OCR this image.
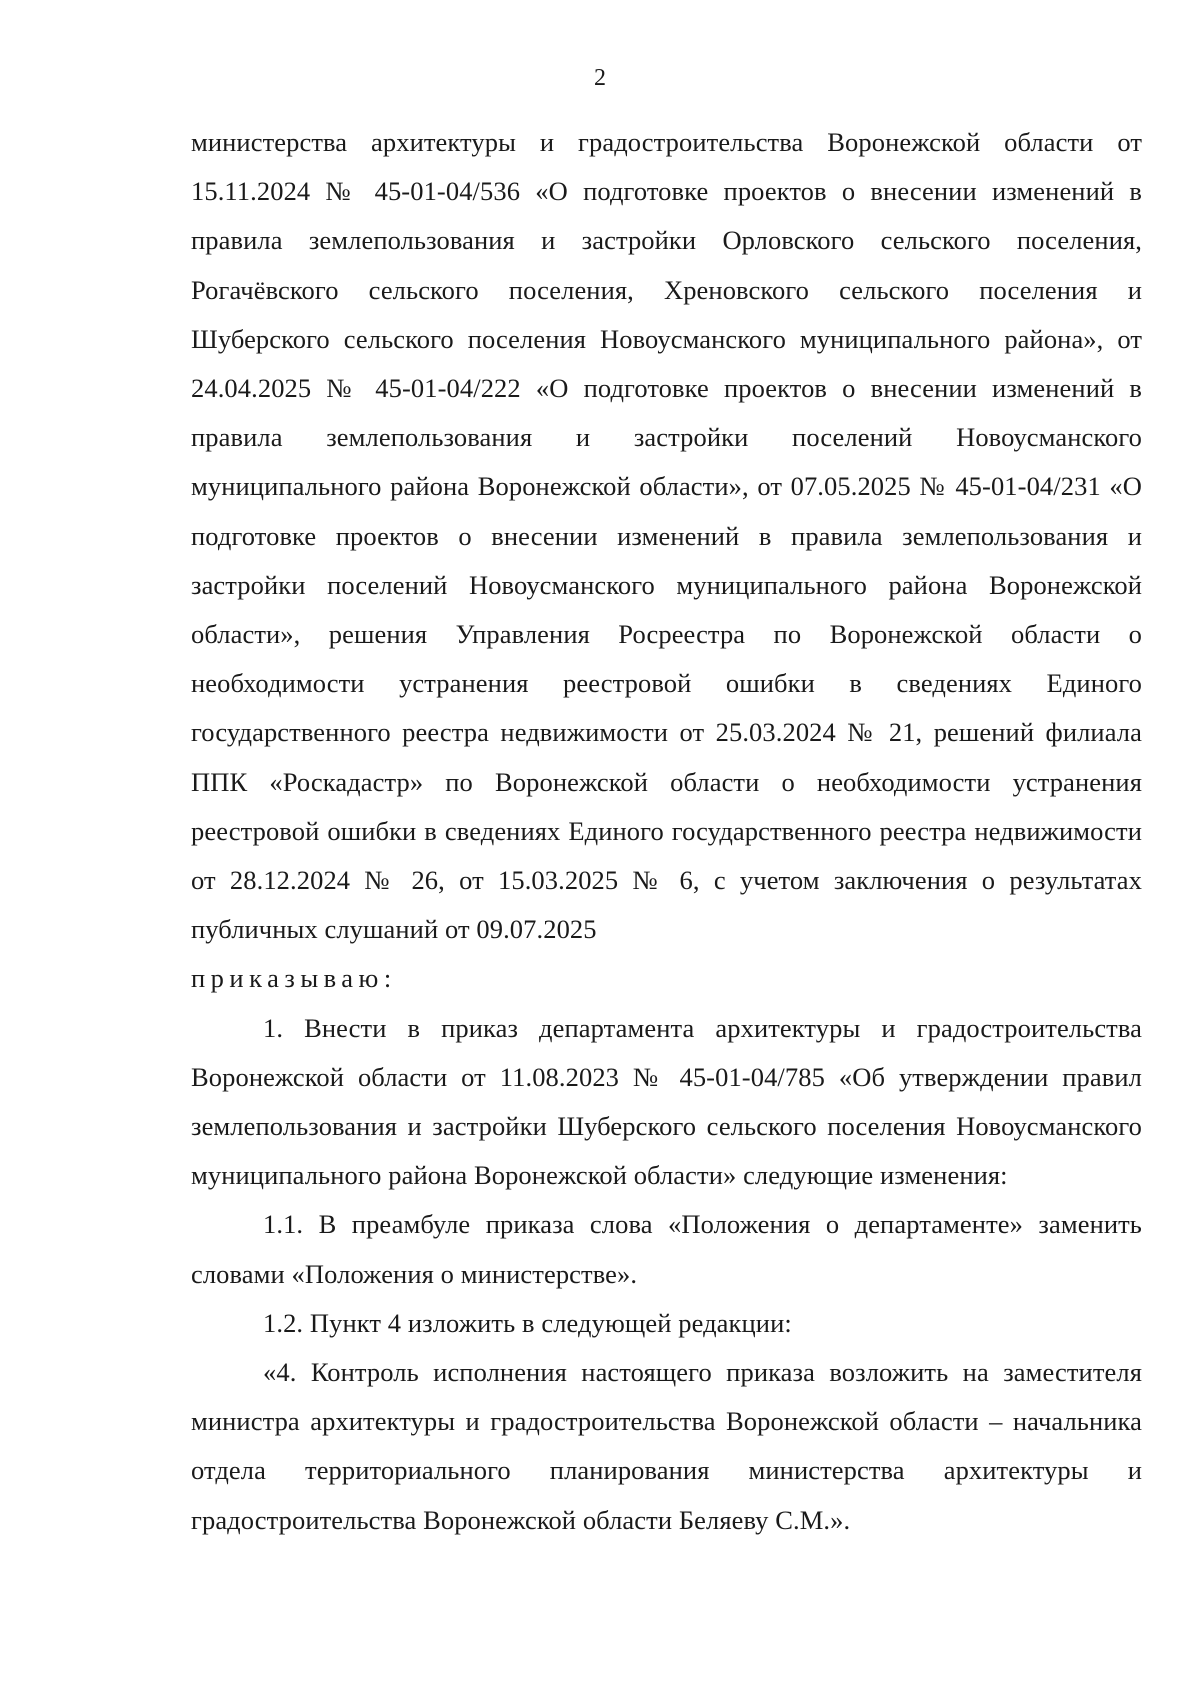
2

министерства архитектуры и градостроительства Воронежской области от 15.11.2024 № 45-01-04/536 «О подготовке проектов о внесении изменений в правила землепользования и застройки Орловского сельского поселения, Рогачёвского сельского поселения, Хреновского сельского поселения и Шуберского сельского поселения Новоусманского муниципального района», от 24.04.2025 № 45-01-04/222 «О подготовке проектов о внесении изменений в правила землепользования и застройки поселений Новоусманского муниципального района Воронежской области», от 07.05.2025 № 45-01-04/231 «О подготовке проектов о внесении изменений в правила землепользования и застройки поселений Новоусманского муниципального района Воронежской области», решения Управления Росреестра по Воронежской области о необходимости устранения реестровой ошибки в сведениях Единого государственного реестра недвижимости от 25.03.2024 № 21, решений филиала ППК «Роскадастр» по Воронежской области о необходимости устранения реестровой ошибки в сведениях Единого государственного реестра недвижимости от 28.12.2024 № 26, от 15.03.2025 № 6, с учетом заключения о результатах публичных слушаний от 09.07.2025

приказываю:

1. Внести в приказ департамента архитектуры и градостроительства Воронежской области от 11.08.2023 № 45-01-04/785 «Об утверждении правил землепользования и застройки Шуберского сельского поселения Новоусманского муниципального района Воронежской области» следующие изменения:

1.1. В преамбуле приказа слова «Положения о департаменте» заменить словами «Положения о министерстве».

1.2. Пункт 4 изложить в следующей редакции:

«4. Контроль исполнения настоящего приказа возложить на заместителя министра архитектуры и градостроительства Воронежской области – начальника отдела территориального планирования министерства архитектуры и градостроительства Воронежской области Беляеву С.М.».
